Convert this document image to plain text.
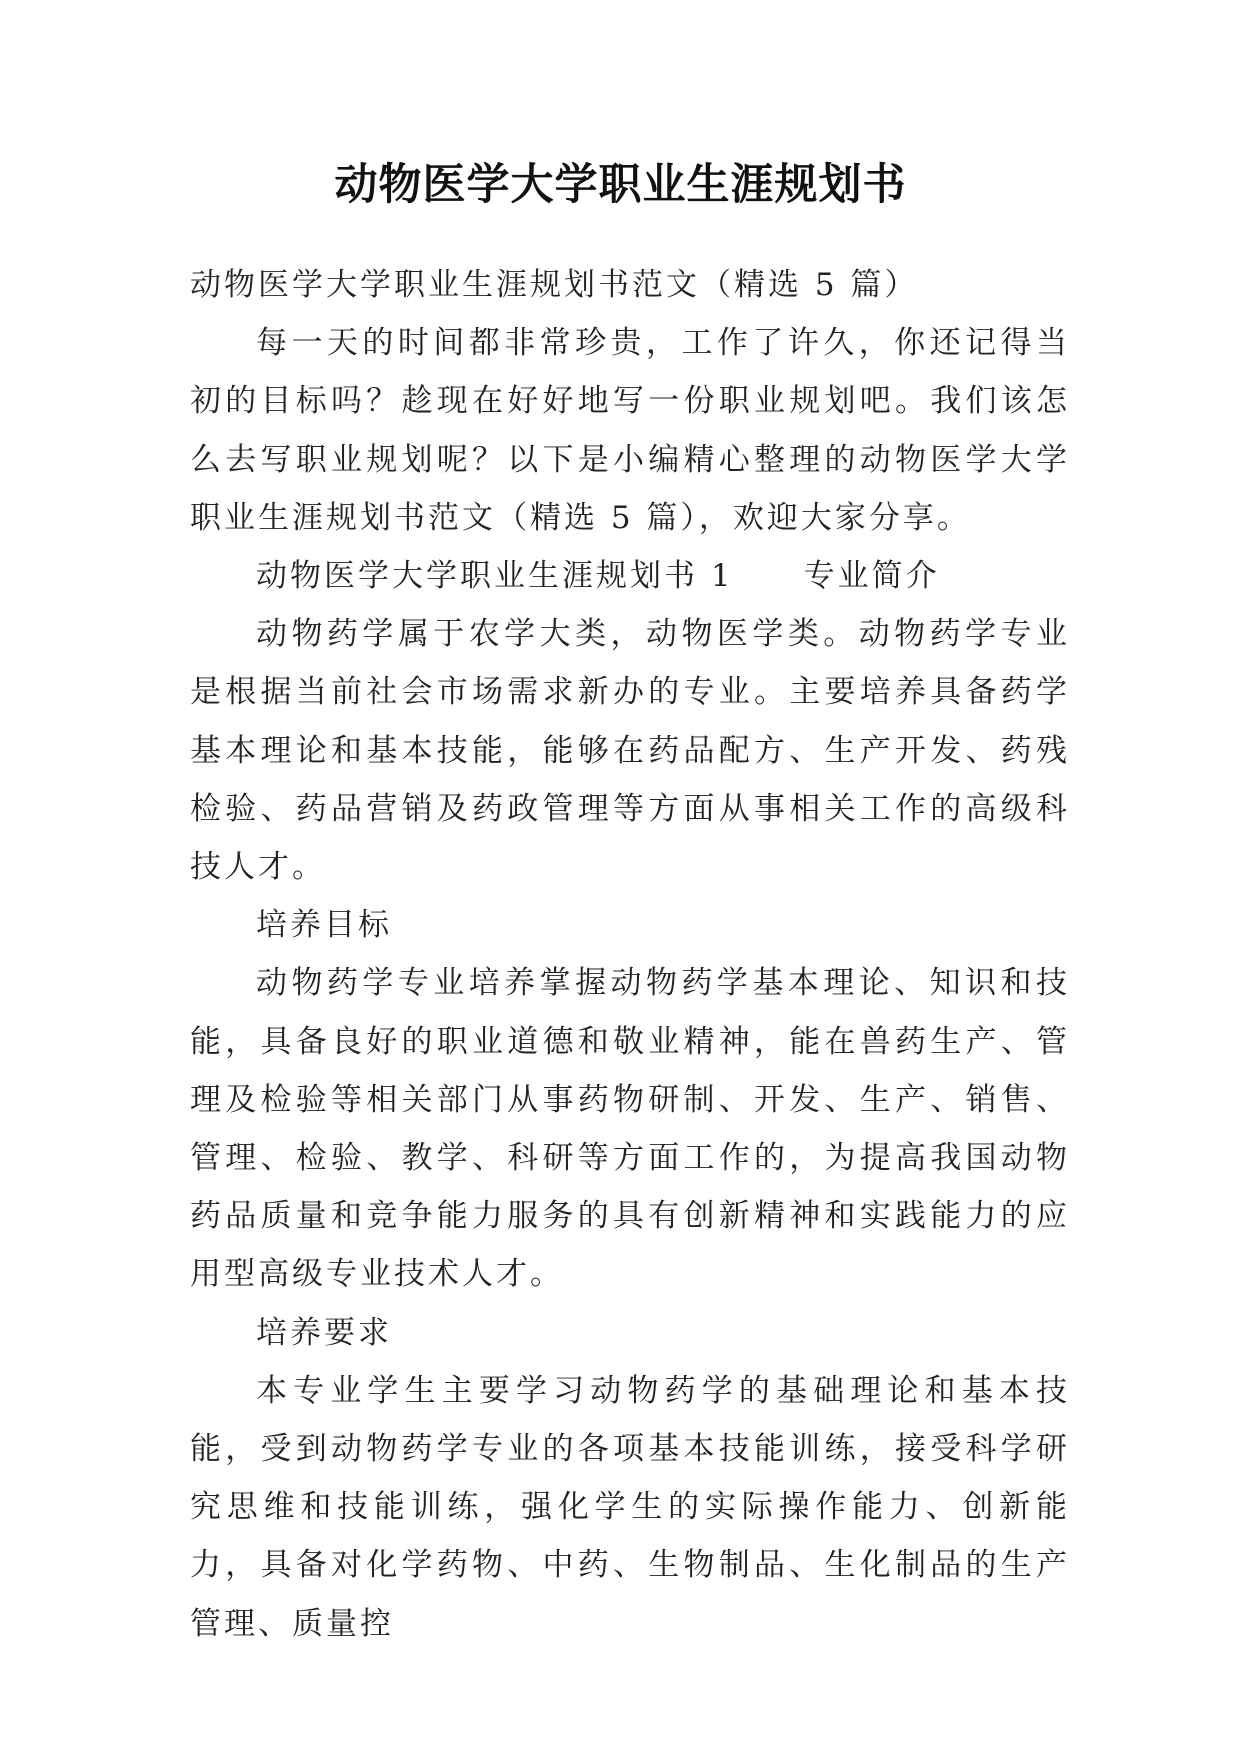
动物医学大学职业生涯规划书

动物医学大学职业生涯规划书范文（精选 5 篇）

每一天的时间都非常珍贵，工作了许久，你还记得当初的目标吗？趁现在好好地写一份职业规划吧。我们该怎么去写职业规划呢？以下是小编精心整理的动物医学大学职业生涯规划书范文（精选 5 篇），欢迎大家分享。

动物医学大学职业生涯规划书 1 专业简介

动物药学属于农学大类，动物医学类。动物药学专业是根据当前社会市场需求新办的专业。主要培养具备药学基本理论和基本技能，能够在药品配方、生产开发、药残检验、药品营销及药政管理等方面从事相关工作的高级科技人才。

培养目标

动物药学专业培养掌握动物药学基本理论、知识和技能，具备良好的职业道德和敬业精神，能在兽药生产、管理及检验等相关部门从事药物研制、开发、生产、销售、管理、检验、教学、科研等方面工作的，为提高我国动物药品质量和竞争能力服务的具有创新精神和实践能力的应用型高级专业技术人才。

培养要求

本专业学生主要学习动物药学的基础理论和基本技能，受到动物药学专业的各项基本技能训练，接受科学研究思维和技能训练，强化学生的实际操作能力、创新能力，具备对化学药物、中药、生物制品、生化制品的生产管理、质量控
